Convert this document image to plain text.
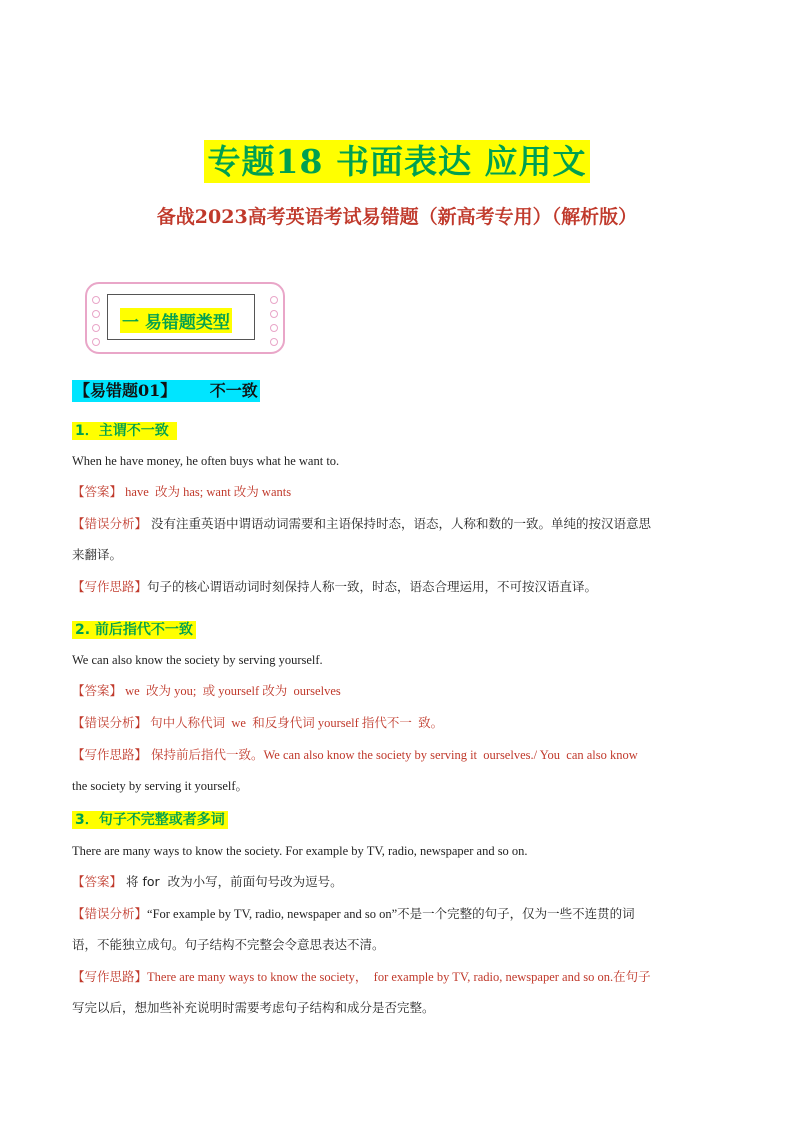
专题18 书面表达 应用文
备战2023高考英语考试易错题（新高考专用）（解析版）
一 易错题类型
【易错题01】      不一致
1．主谓不一致
When he have money, he often buys what he want to.
【答案】 have  改为 has; want 改为 wants
【错误分析】 没有注重英语中谓语动词需要和主语保持时态，语态，人称和数的一致。单纯的按汉语意思
来翻译。
【写作思路】句子的核心谓语动词时刻保持人称一致，时态，语态合理运用，不可按汉语直译。
2. 前后指代不一致
We can also know the society by serving yourself.
【答案】 we  改为 you;  或 yourself 改为  ourselves
【错误分析】 句中人称代词  we  和反身代词 yourself 指代不一  致。
【写作思路】 保持前后指代一致。We can also know the society by serving it  ourselves./ You  can also know
the society by serving it yourself。
3．句子不完整或者多词
There are many ways to know the society. For example by TV, radio, newspaper and so on.
【答案】 将 for  改为小写，前面句号改为逗号。
【错误分析】“For example by TV, radio, newspaper and so on”不是一个完整的句子，仅为一些不连贯的词
语，不能独立成句。句子结构不完整会令意思表达不清。
【写作思路】There are many ways to know the society，  for example by TV, radio, newspaper and so on.在句子
写完以后，想加些补充说明时需要考虑句子结构和成分是否完整。
